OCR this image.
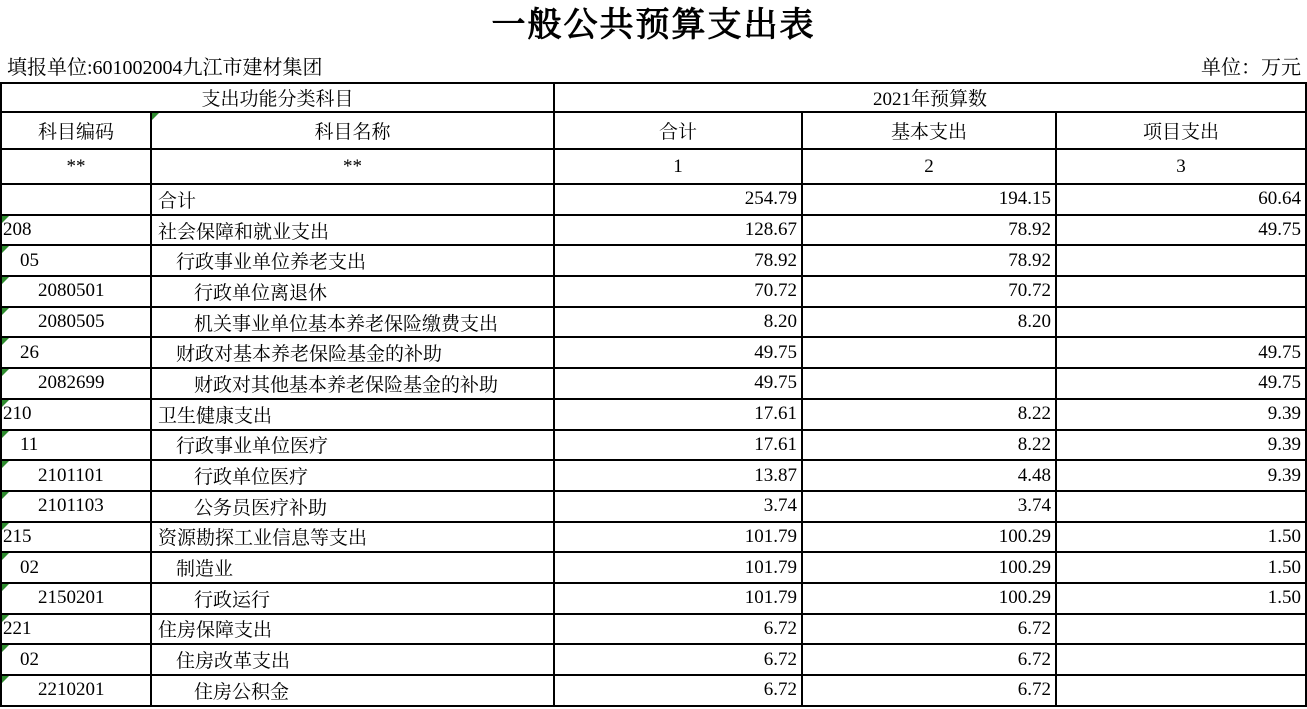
一般公共预算支出表
填报单位:601002004九江市建材集团	单位：万元
支出功能分类科目		2021年预算数		
科目编码	科目名称	合计	基本支出	项目支出
**	**	1	2	3

	合计	254.79	194.15	60.64

208	社会保障和就业支出	128.67	78.92	49.75

05	行政事业单位养老支出	78.92	78.92	

2080501	行政单位离退休	70.72	70.72	

2080505	机关事业单位基本养老保险缴费支出	8.20	8.20	

26	财政对基本养老保险基金的补助	49.75		49.75

2082699	财政对其他基本养老保险基金的补助	49.75		49.75

210	卫生健康支出	17.61	8.22	9.39

11	行政事业单位医疗	17.61	8.22	9.39

2101101	行政单位医疗	13.87	4.48	9.39

2101103	公务员医疗补助	3.74	3.74	

215	资源勘探工业信息等支出	101.79	100.29	1.50

02	制造业	101.79	100.29	1.50

2150201	行政运行	101.79	100.29	1.50

221	住房保障支出	6.72	6.72	

02	住房改革支出	6.72	6.72	

2210201	住房公积金	6.72	6.72	
